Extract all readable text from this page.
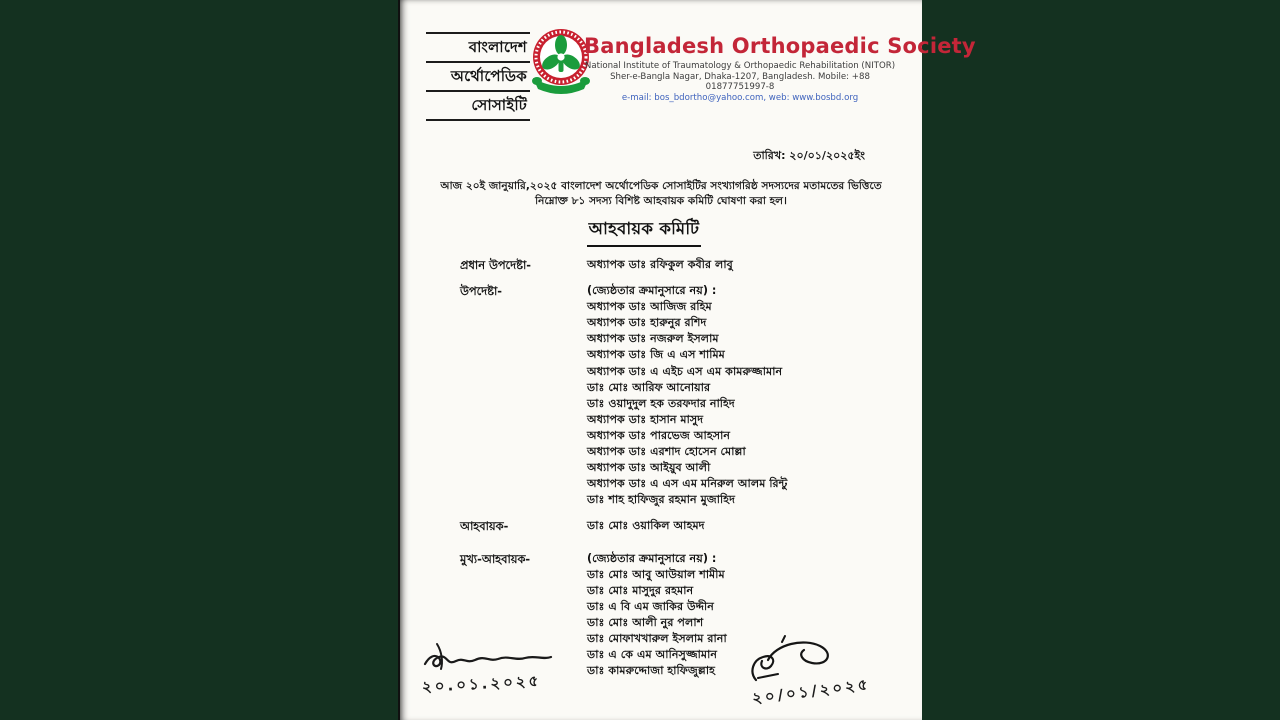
বাংলাদেশ
অর্থোপেডিক
সোসাইটি
Bangladesh Orthopaedic Society
National Institute of Traumatology & Orthopaedic Rehabilitation (NITOR)
Sher-e-Bangla Nagar, Dhaka-1207, Bangladesh. Mobile: +88 01877751997-8
e-mail: bos_bdortho@yahoo.com, web: www.bosbd.org
তারিখ: ২০/০১/২০২৫ইং
আজ ২০ই জানুয়ারি,২০২৫ বাংলাদেশ অর্থোপেডিক সোসাইটির সংখ্যাগরিষ্ঠ সদস্যদের মতামতের ভিত্তিতে
নিম্নোক্ত ৮১ সদস্য বিশিষ্ট আহবায়ক কমিটি ঘোষণা করা হল।
আহবায়ক কমিটি
প্রধান উপদেষ্টা-	অধ্যাপক ডাঃ রফিকুল কবীর লাবু
উপদেষ্টা-	(জ্যেষ্ঠতার ক্রমানুসারে নয়) :
অধ্যাপক ডাঃ আজিজ রহিম
অধ্যাপক ডাঃ হারুনুর রশিদ
অধ্যাপক ডাঃ নজরুল ইসলাম
অধ্যাপক ডাঃ জি এ এস শামিম
অধ্যাপক ডাঃ এ এইচ এস এম কামরুজ্জামান
ডাঃ মোঃ আরিফ আনোয়ার
ডাঃ ওয়াদুদুল হক তরফদার নাহিদ
অধ্যাপক ডাঃ হাসান মাসুদ
অধ্যাপক ডাঃ পারভেজ আহসান
অধ্যাপক ডাঃ এরশাদ হোসেন মোল্লা
অধ্যাপক ডাঃ আইয়ুব আলী
অধ্যাপক ডাঃ এ এস এম মনিরুল আলম রিন্টু
ডাঃ শাহ হাফিজুর রহমান মুজাহিদ
আহবায়ক-	ডাঃ মোঃ ওয়াকিল আহমদ
মুখ্য-আহবায়ক-	(জ্যেষ্ঠতার ক্রমানুসারে নয়) :
ডাঃ মোঃ আবু আউয়াল শামীম
ডাঃ মোঃ মাসুদুর রহমান
ডাঃ এ বি এম জাকির উদ্দীন
ডাঃ মোঃ আলী নুর পলাশ
ডাঃ মোফাখখারুল ইসলাম রানা
ডাঃ এ কে এম আনিসুজ্জামান
ডাঃ কামরুদ্দোজা হাফিজুল্লাহ
২০.০১.২০২৫	২০/০১/২০২৫
